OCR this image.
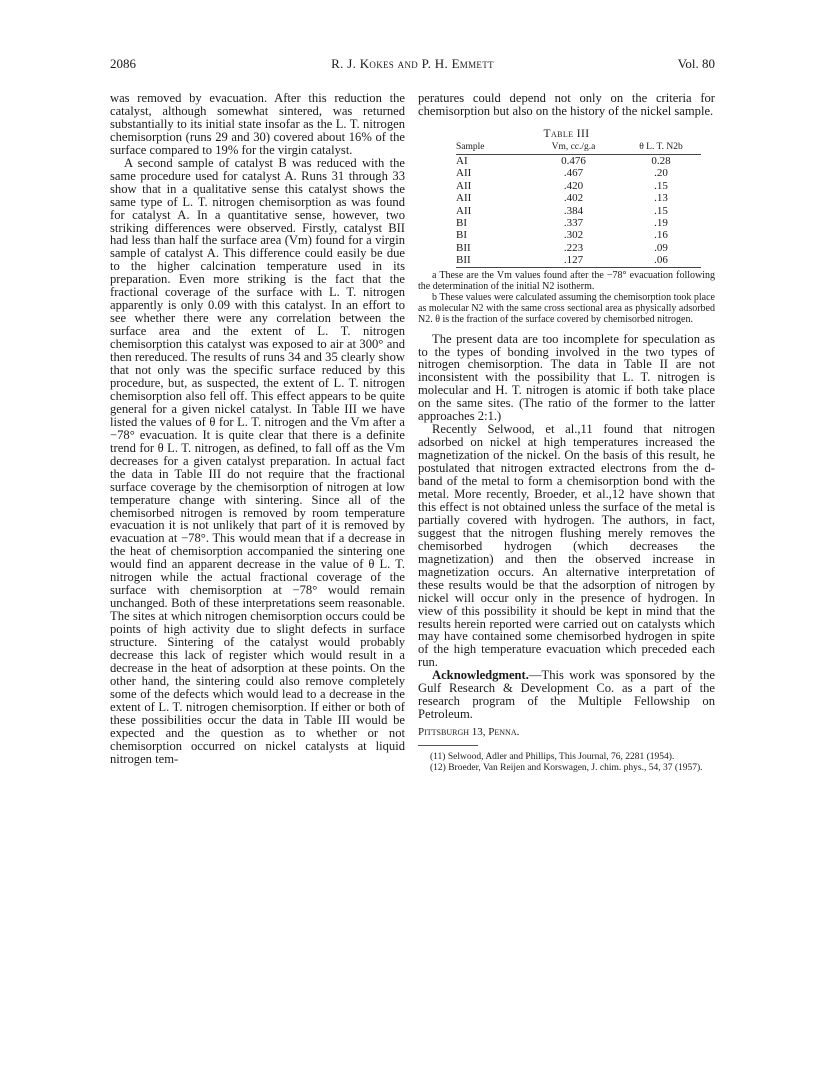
2086	R. J. Kokes and P. H. Emmett	Vol. 80

was removed by evacuation. After this reduction the catalyst, although somewhat sintered, was returned substantially to its initial state insofar as the L. T. nitrogen chemisorption (runs 29 and 30) covered about 16% of the surface compared to 19% for the virgin catalyst.

A second sample of catalyst B was reduced with the same procedure used for catalyst A. Runs 31 through 33 show that in a qualitative sense this catalyst shows the same type of L. T. nitrogen chemisorption as was found for catalyst A. In a quantitative sense, however, two striking differences were observed. Firstly, catalyst BII had less than half the surface area (Vm) found for a virgin sample of catalyst A. This difference could easily be due to the higher calcination temperature used in its preparation. Even more striking is the fact that the fractional coverage of the surface with L. T. nitrogen apparently is only 0.09 with this catalyst. In an effort to see whether there were any correlation between the surface area and the extent of L. T. nitrogen chemisorption this catalyst was exposed to air at 300° and then rereduced. The results of runs 34 and 35 clearly show that not only was the specific surface reduced by this procedure, but, as suspected, the extent of L. T. nitrogen chemisorption also fell off. This effect appears to be quite general for a given nickel catalyst. In Table III we have listed the values of θ for L. T. nitrogen and the Vm after a −78° evacuation. It is quite clear that there is a definite trend for θ L. T. nitrogen, as defined, to fall off as the Vm decreases for a given catalyst preparation. In actual fact the data in Table III do not require that the fractional surface coverage by the chemisorption of nitrogen at low temperature change with sintering. Since all of the chemisorbed nitrogen is removed by room temperature evacuation it is not unlikely that part of it is removed by evacuation at −78°. This would mean that if a decrease in the heat of chemisorption accompanied the sintering one would find an apparent decrease in the value of θ L. T. nitrogen while the actual fractional coverage of the surface with chemisorption at −78° would remain unchanged. Both of these interpretations seem reasonable. The sites at which nitrogen chemisorption occurs could be points of high activity due to slight defects in surface structure. Sintering of the catalyst would probably decrease this lack of register which would result in a decrease in the heat of adsorption at these points. On the other hand, the sintering could also remove completely some of the defects which would lead to a decrease in the extent of L. T. nitrogen chemisorption. If either or both of these possibilities occur the data in Table III would be expected and the question as to whether or not chemisorption occurred on nickel catalysts at liquid nitrogen tem-

peratures could depend not only on the criteria for chemisorption but also on the history of the nickel sample.

Table III
Sample	Vm, cc./g.a	θ L. T. N2b
AI	0.476	0.28
AII	.467	.20
AII	.420	.15
AII	.402	.13
AII	.384	.15
BI	.337	.19
BI	.302	.16
BII	.223	.09
BII	.127	.06

a These are the Vm values found after the −78° evacuation following the determination of the initial N2 isotherm.

b These values were calculated assuming the chemisorption took place as molecular N2 with the same cross sectional area as physically adsorbed N2. θ is the fraction of the surface covered by chemisorbed nitrogen.

The present data are too incomplete for speculation as to the types of bonding involved in the two types of nitrogen chemisorption. The data in Table II are not inconsistent with the possibility that L. T. nitrogen is molecular and H. T. nitrogen is atomic if both take place on the same sites. (The ratio of the former to the latter approaches 2:1.)

Recently Selwood, et al.,11 found that nitrogen adsorbed on nickel at high temperatures increased the magnetization of the nickel. On the basis of this result, he postulated that nitrogen extracted electrons from the d-band of the metal to form a chemisorption bond with the metal. More recently, Broeder, et al.,12 have shown that this effect is not obtained unless the surface of the metal is partially covered with hydrogen. The authors, in fact, suggest that the nitrogen flushing merely removes the chemisorbed hydrogen (which decreases the magnetization) and then the observed increase in magnetization occurs. An alternative interpretation of these results would be that the adsorption of nitrogen by nickel will occur only in the presence of hydrogen. In view of this possibility it should be kept in mind that the results herein reported were carried out on catalysts which may have contained some chemisorbed hydrogen in spite of the high temperature evacuation which preceded each run.

Acknowledgment.—This work was sponsored by the Gulf Research & Development Co. as a part of the research program of the Multiple Fellowship on Petroleum.

Pittsburgh 13, Penna.

(11) Selwood, Adler and Phillips, This Journal, 76, 2281 (1954).

(12) Broeder, Van Reijen and Korswagen, J. chim. phys., 54, 37 (1957).
